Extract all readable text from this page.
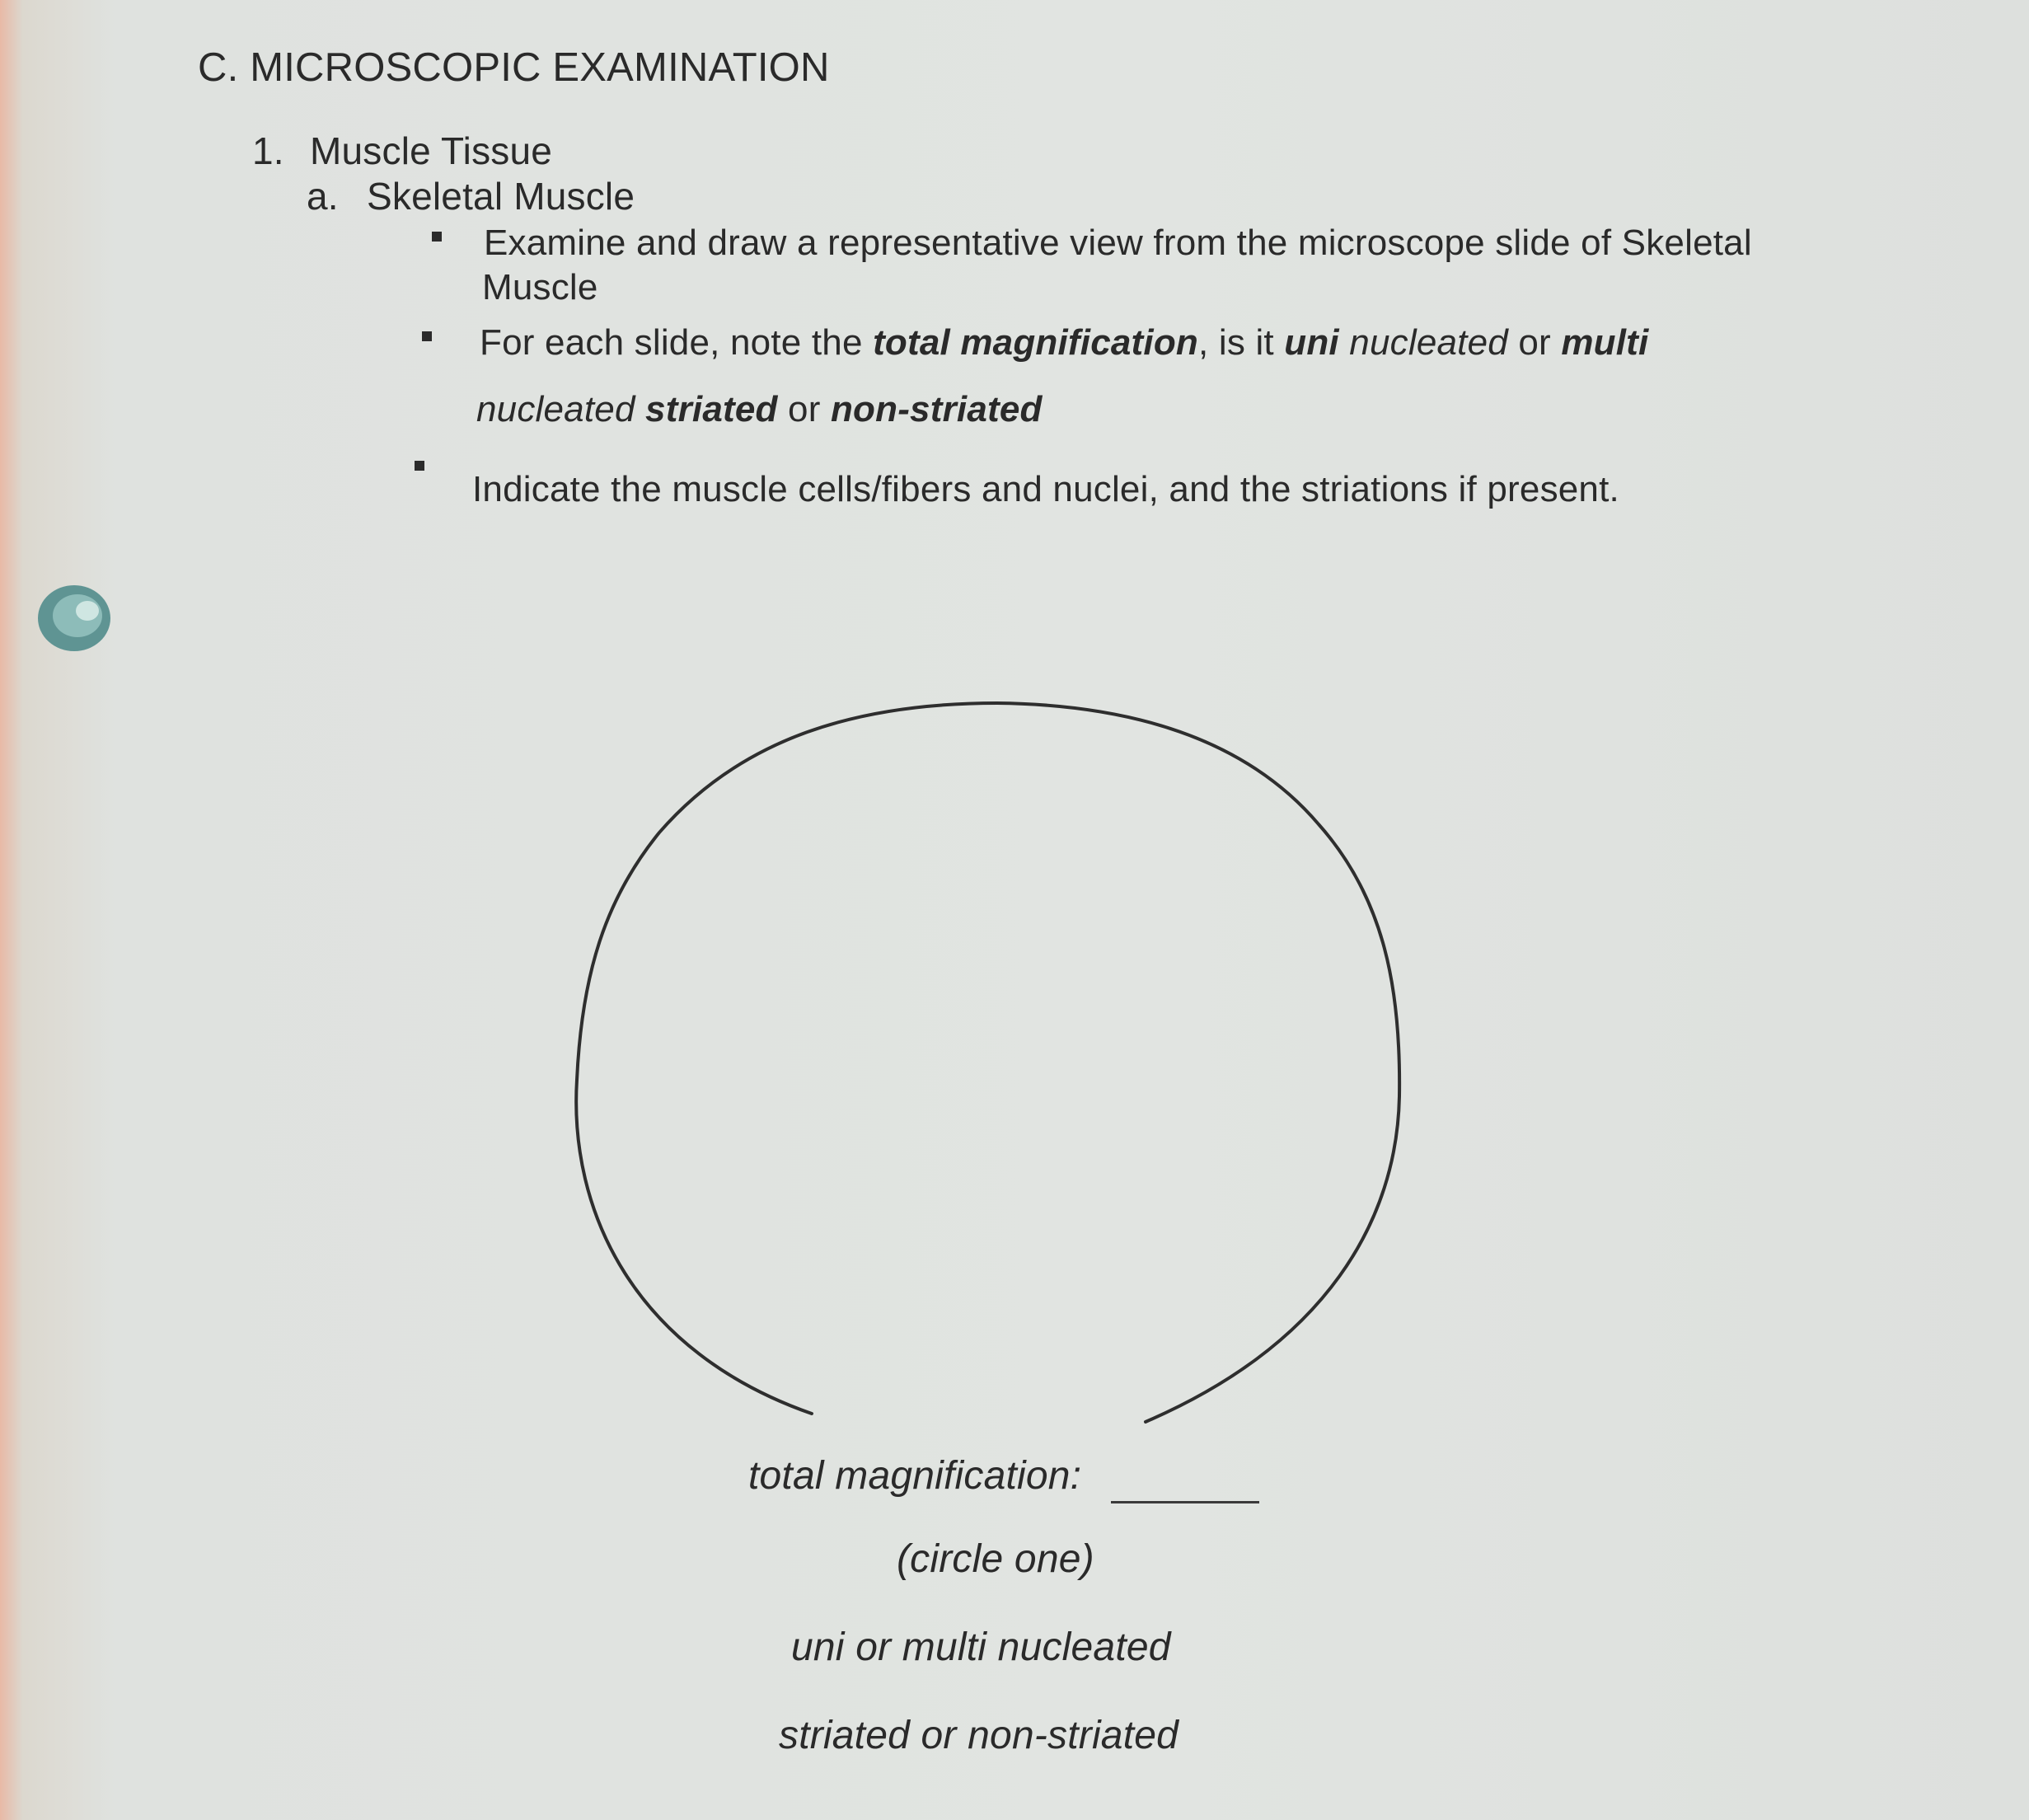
C. MICROSCOPIC EXAMINATION
1. Muscle Tissue
a. Skeletal Muscle
Examine and draw a representative view from the microscope slide of Skeletal
Muscle
For each slide, note the total magnification, is it uni nucleated or multi
nucleated striated or non-striated
Indicate the muscle cells/fibers and nuclei, and the striations if present.
total magnification:
(circle one)
uni or multi nucleated
striated or non-striated
